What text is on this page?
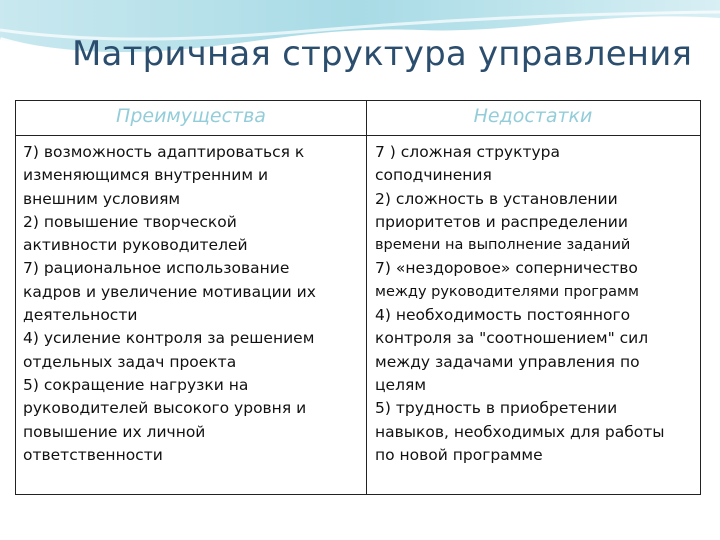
Матричная структура управления
Преимущества	Недостатки
7) возможность адаптироваться к
изменяющимся внутренним и
внешним условиям
2) повышение творческой
активности руководителей
7) рациональное использование
кадров и увеличение мотивации их
деятельности
4) усиление контроля за решением
отдельных задач проекта
5) сокращение нагрузки на
руководителей высокого уровня и
повышение их личной
ответственности
7 ) сложная структура
соподчинения
2) сложность в установлении
приоритетов и распределении
времени на выполнение заданий
7) «нездоровое» соперничество
между руководителями программ
4) необходимость постоянного
контроля за "соотношением" сил
между задачами управления по
целям
5) трудность в приобретении
навыков, необходимых для работы
по новой программе
